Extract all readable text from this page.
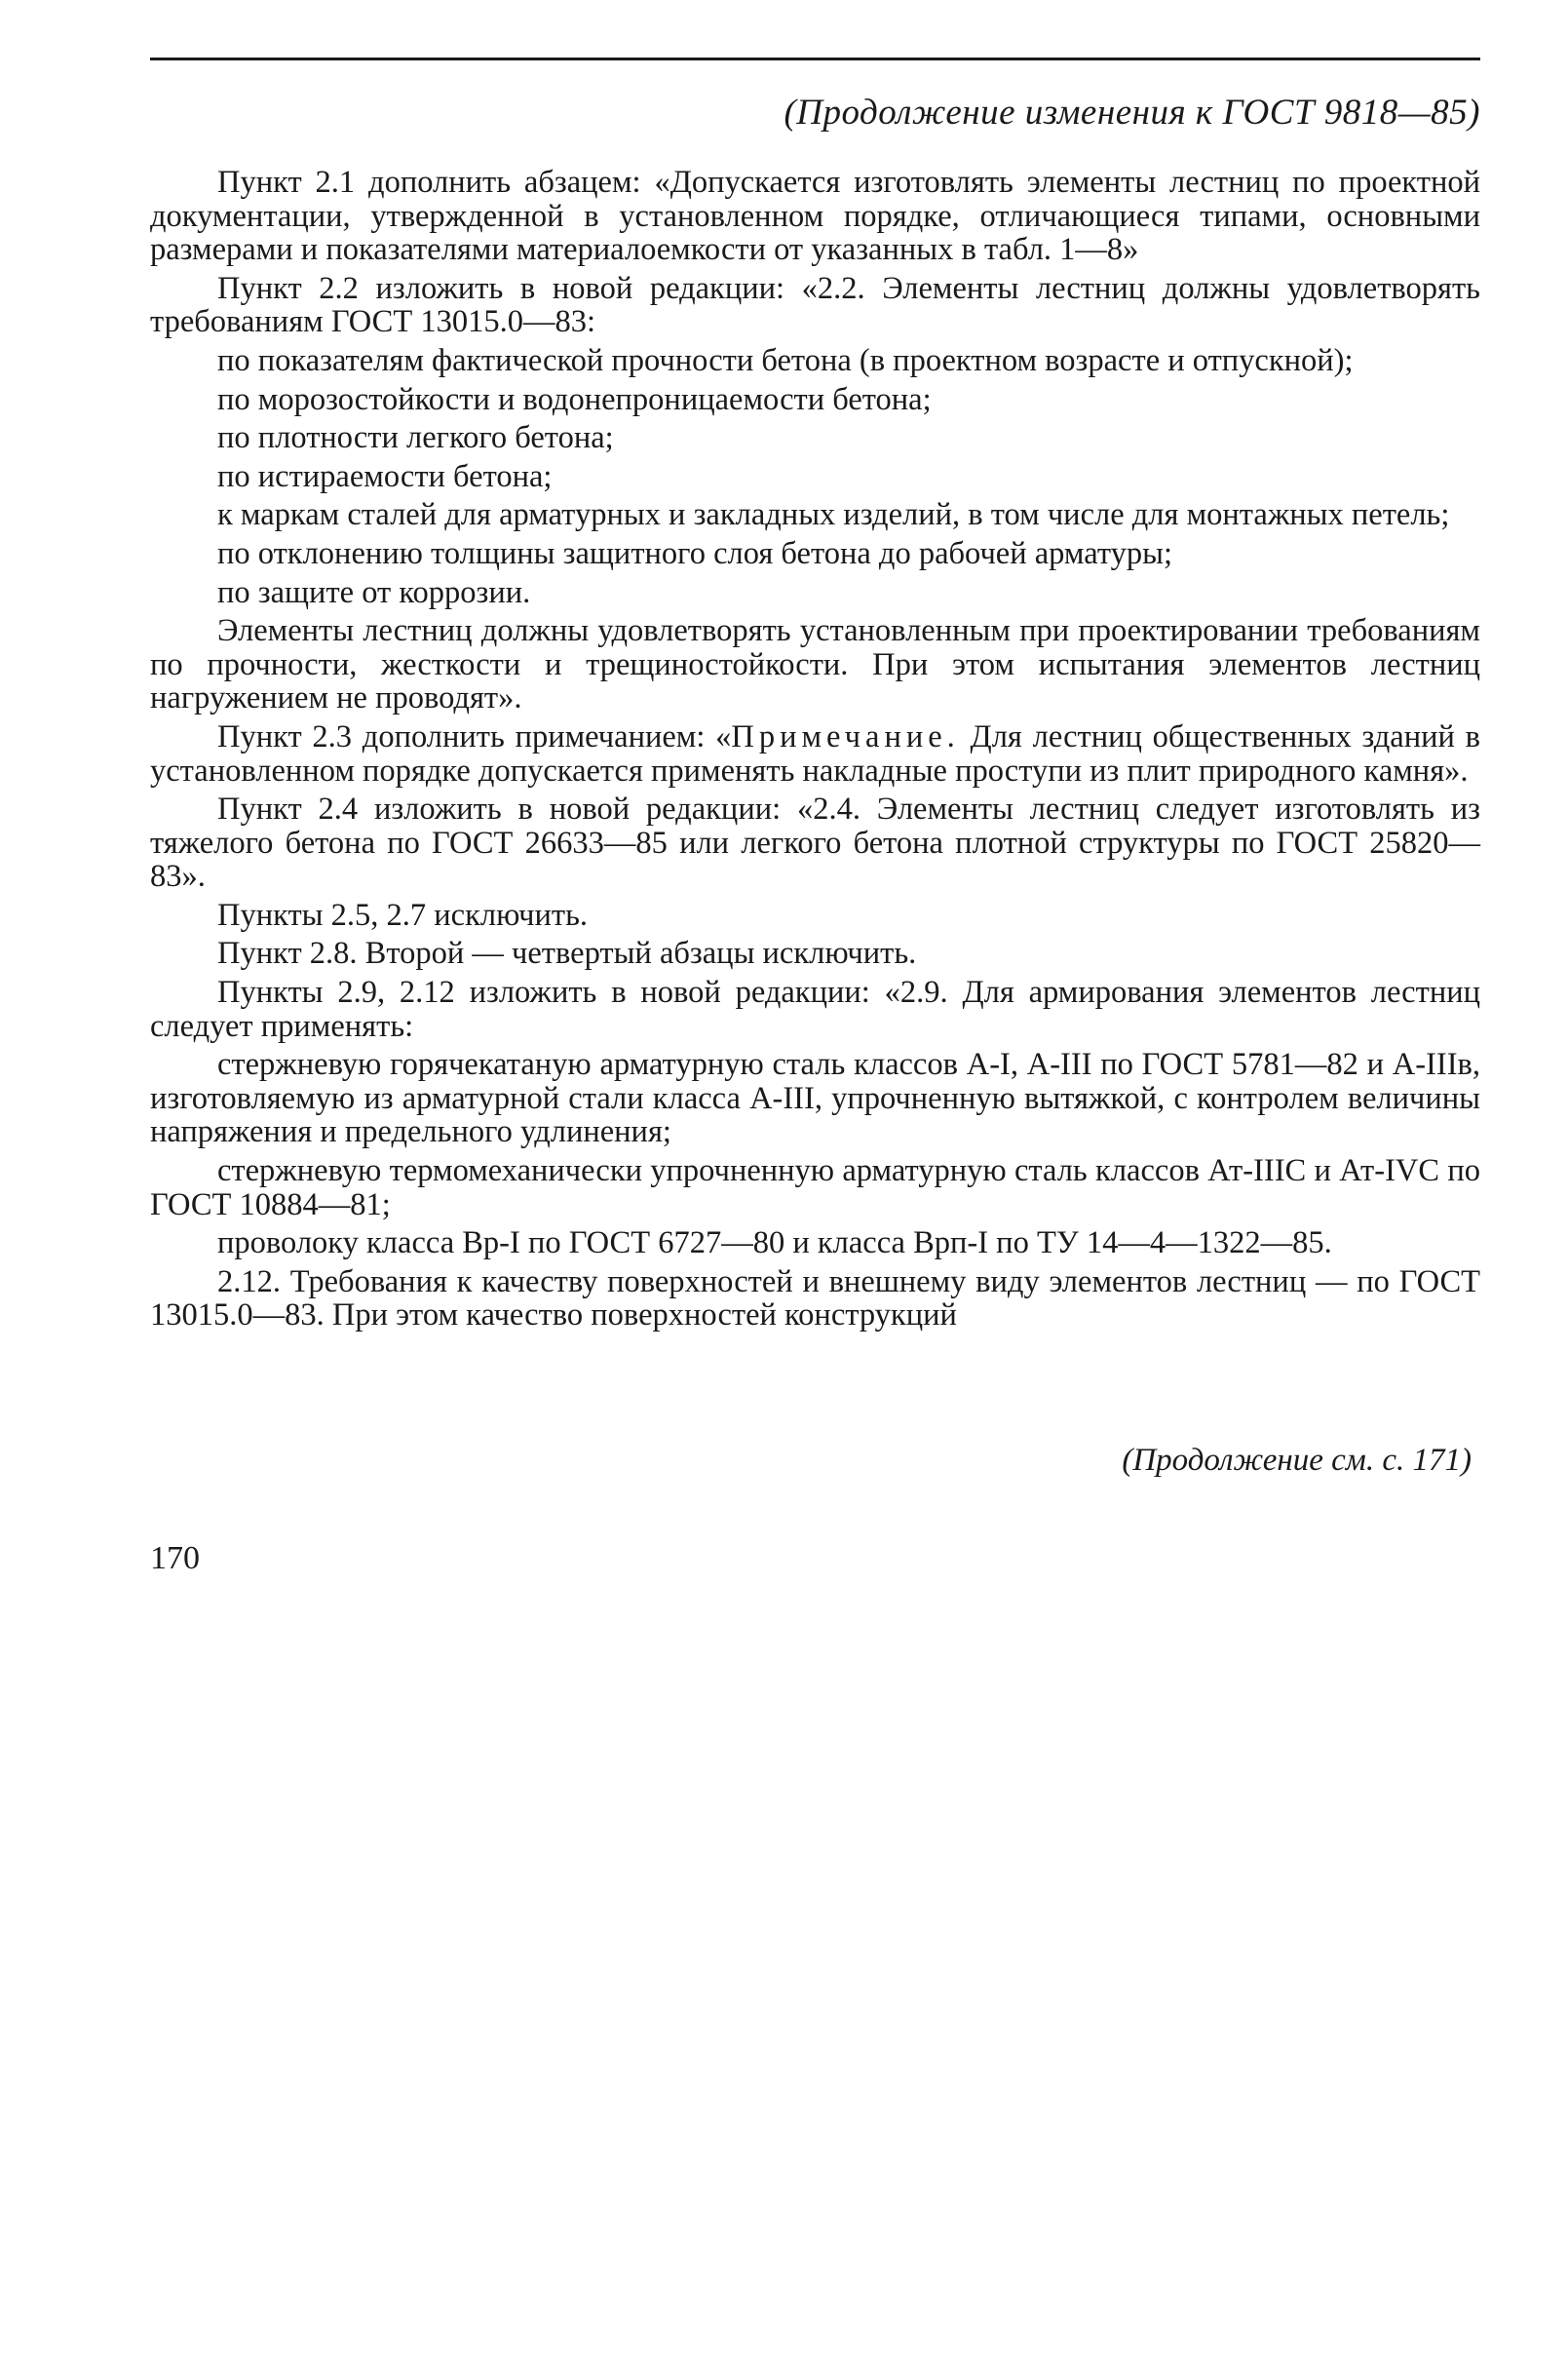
(Продолжение изменения к ГОСТ 9818—85)

Пункт 2.1 дополнить абзацем: «Допускается изготовлять элементы лестниц по проектной документации, утвержденной в установленном порядке, отличающиеся типами, основными размерами и показателями материалоемкости от указанных в табл. 1—8»

Пункт 2.2 изложить в новой редакции: «2.2. Элементы лестниц должны удовлетворять требованиям ГОСТ 13015.0—83:

по показателям фактической прочности бетона (в проектном возрасте и отпускной);

по морозостойкости и водонепроницаемости бетона;

по плотности легкого бетона;

по истираемости бетона;

к маркам сталей для арматурных и закладных изделий, в том числе для монтажных петель;

по отклонению толщины защитного слоя бетона до рабочей арматуры;

по защите от коррозии.

Элементы лестниц должны удовлетворять установленным при проектировании требованиям по прочности, жесткости и трещиностойкости. При этом испытания элементов лестниц нагружением не проводят».

Пункт 2.3 дополнить примечанием: «Примечание. Для лестниц общественных зданий в установленном порядке допускается применять накладные проступи из плит природного камня».

Пункт 2.4 изложить в новой редакции: «2.4. Элементы лестниц следует изготовлять из тяжелого бетона по ГОСТ 26633—85 или легкого бетона плотной структуры по ГОСТ 25820—83».

Пункты 2.5, 2.7 исключить.

Пункт 2.8. Второй — четвертый абзацы исключить.

Пункты 2.9, 2.12 изложить в новой редакции: «2.9. Для армирования элементов лестниц следует применять:

стержневую горячекатаную арматурную сталь классов А-I, А-III по ГОСТ 5781—82 и А-IIIв, изготовляемую из арматурной стали класса А-III, упрочненную вытяжкой, с контролем величины напряжения и предельного удлинения;

стержневую термомеханически упрочненную арматурную сталь классов Ат-IIIС и Ат-IVС по ГОСТ 10884—81;

проволоку класса Вр-I по ГОСТ 6727—80 и класса Врп-I по ТУ 14—4—1322—85.

2.12. Требования к качеству поверхностей и внешнему виду элементов лестниц — по ГОСТ 13015.0—83. При этом качество поверхностей конструкций

(Продолжение см. с. 171)
170
